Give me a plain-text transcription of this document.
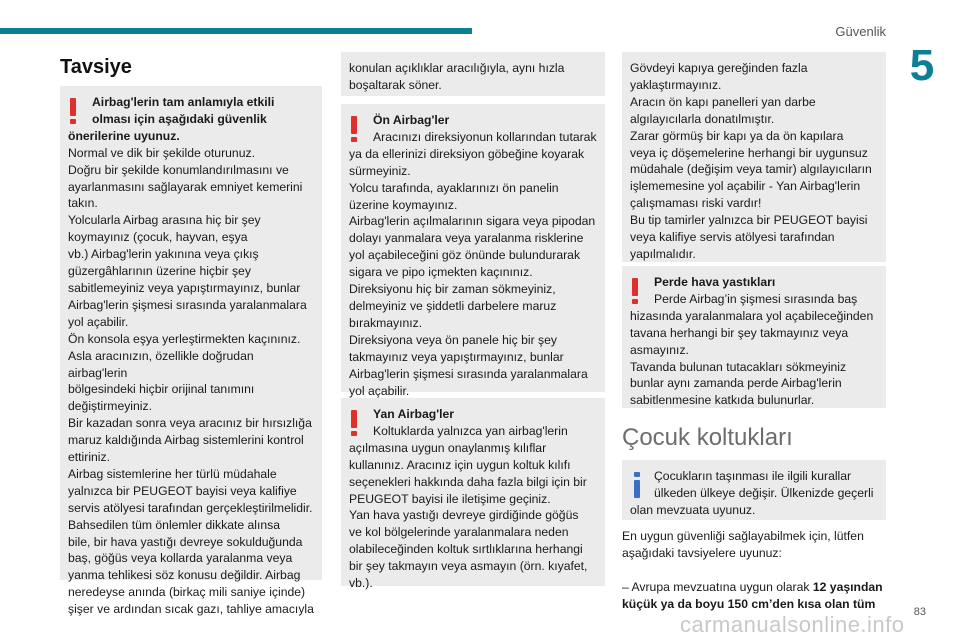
Güvenlik
5
Tavsiye
Airbag'lerin tam anlamıyla etkili
olması için aşağıdaki güvenlik
önerilerine uyunuz.
Normal ve dik bir şekilde oturunuz.
Doğru bir şekilde konumlandırılmasını ve
ayarlanmasını sağlayarak emniyet kemerini
takın.
Yolcularla Airbag arasına hiç bir şey
koymayınız (çocuk, hayvan, eşya
vb.) Airbag'lerin yakınına veya çıkış
güzergâhlarının üzerine hiçbir şey
sabitlemeyiniz veya yapıştırmayınız, bunlar
Airbag'lerin şişmesi sırasında yaralanmalara
yol açabilir.
Ön konsola eşya yerleştirmekten kaçınınız.
Asla aracınızın, özellikle doğrudan airbag'lerin
bölgesindeki hiçbir orijinal tanımını
değiştirmeyiniz.
Bir kazadan sonra veya aracınız bir hırsızlığa
maruz kaldığında Airbag sistemlerini kontrol
ettiriniz.
Airbag sistemlerine her türlü müdahale
yalnızca bir PEUGEOT bayisi veya kalifiye
servis atölyesi tarafından gerçekleştirilmelidir.
Bahsedilen tüm önlemler dikkate alınsa
bile, bir hava yastığı devreye sokulduğunda
baş, göğüs veya kollarda yaralanma veya
yanma tehlikesi söz konusu değildir. Airbag
neredeyse anında (birkaç mili saniye içinde)
şişer ve ardından sıcak gazı, tahliye amacıyla
konulan açıklıklar aracılığıyla, aynı hızla
boşaltarak söner.
Ön Airbag'ler
Aracınızı direksiyonun kollarından tutarak
ya da ellerinizi direksiyon göbeğine koyarak
sürmeyiniz.
Yolcu tarafında, ayaklarınızı ön panelin
üzerine koymayınız.
Airbag'lerin açılmalarının sigara veya pipodan
dolayı yanmalara veya yaralanma risklerine
yol açabileceğini göz önünde bulundurarak
sigara ve pipo içmekten kaçınınız.
Direksiyonu hiç bir zaman sökmeyiniz,
delmeyiniz ve şiddetli darbelere maruz
bırakmayınız.
Direksiyona veya ön panele hiç bir şey
takmayınız veya yapıştırmayınız, bunlar
Airbag'lerin şişmesi sırasında yaralanmalara
yol açabilir.
Yan Airbag'ler
Koltuklarda yalnızca yan airbag'lerin
açılmasına uygun onaylanmış kılıflar
kullanınız. Aracınız için uygun koltuk kılıfı
seçenekleri hakkında daha fazla bilgi için bir
PEUGEOT bayisi ile iletişime geçiniz.
Yan hava yastığı devreye girdiğinde göğüs
ve kol bölgelerinde yaralanmalara neden
olabileceğinden koltuk sırtlıklarına herhangi
bir şey takmayın veya asmayın (örn. kıyafet,
vb.).
Gövdeyi kapıya gereğinden fazla
yaklaştırmayınız.
Aracın ön kapı panelleri yan darbe
algılayıcılarla donatılmıştır.
Zarar görmüş bir kapı ya da ön kapılara
veya iç döşemelerine herhangi bir uygunsuz
müdahale (değişim veya tamir) algılayıcıların
işlememesine yol açabilir - Yan Airbag'lerin
çalışmaması riski vardır!
Bu tip tamirler yalnızca bir PEUGEOT bayisi
veya kalifiye servis atölyesi tarafından
yapılmalıdır.
Perde hava yastıkları
Perde Airbag’in şişmesi sırasında baş
hizasında yaralanmalara yol açabileceğinden
tavana herhangi bir şey takmayınız veya
asmayınız.
Tavanda bulunan tutacakları sökmeyiniz
bunlar aynı zamanda perde Airbag'lerin
sabitlenmesine katkıda bulunurlar.
Çocuk koltukları
Çocukların taşınması ile ilgili kurallar
ülkeden ülkeye değişir. Ülkenizde geçerli
olan mevzuata uyunuz.
En uygun güvenliği sağlayabilmek için, lütfen
aşağıdaki tavsiyelere uyunuz:

– Avrupa mevzuatına uygun olarak 12 yaşından
küçük ya da boyu 150 cm’den kısa olan tüm

carmanualsonline.info 83
